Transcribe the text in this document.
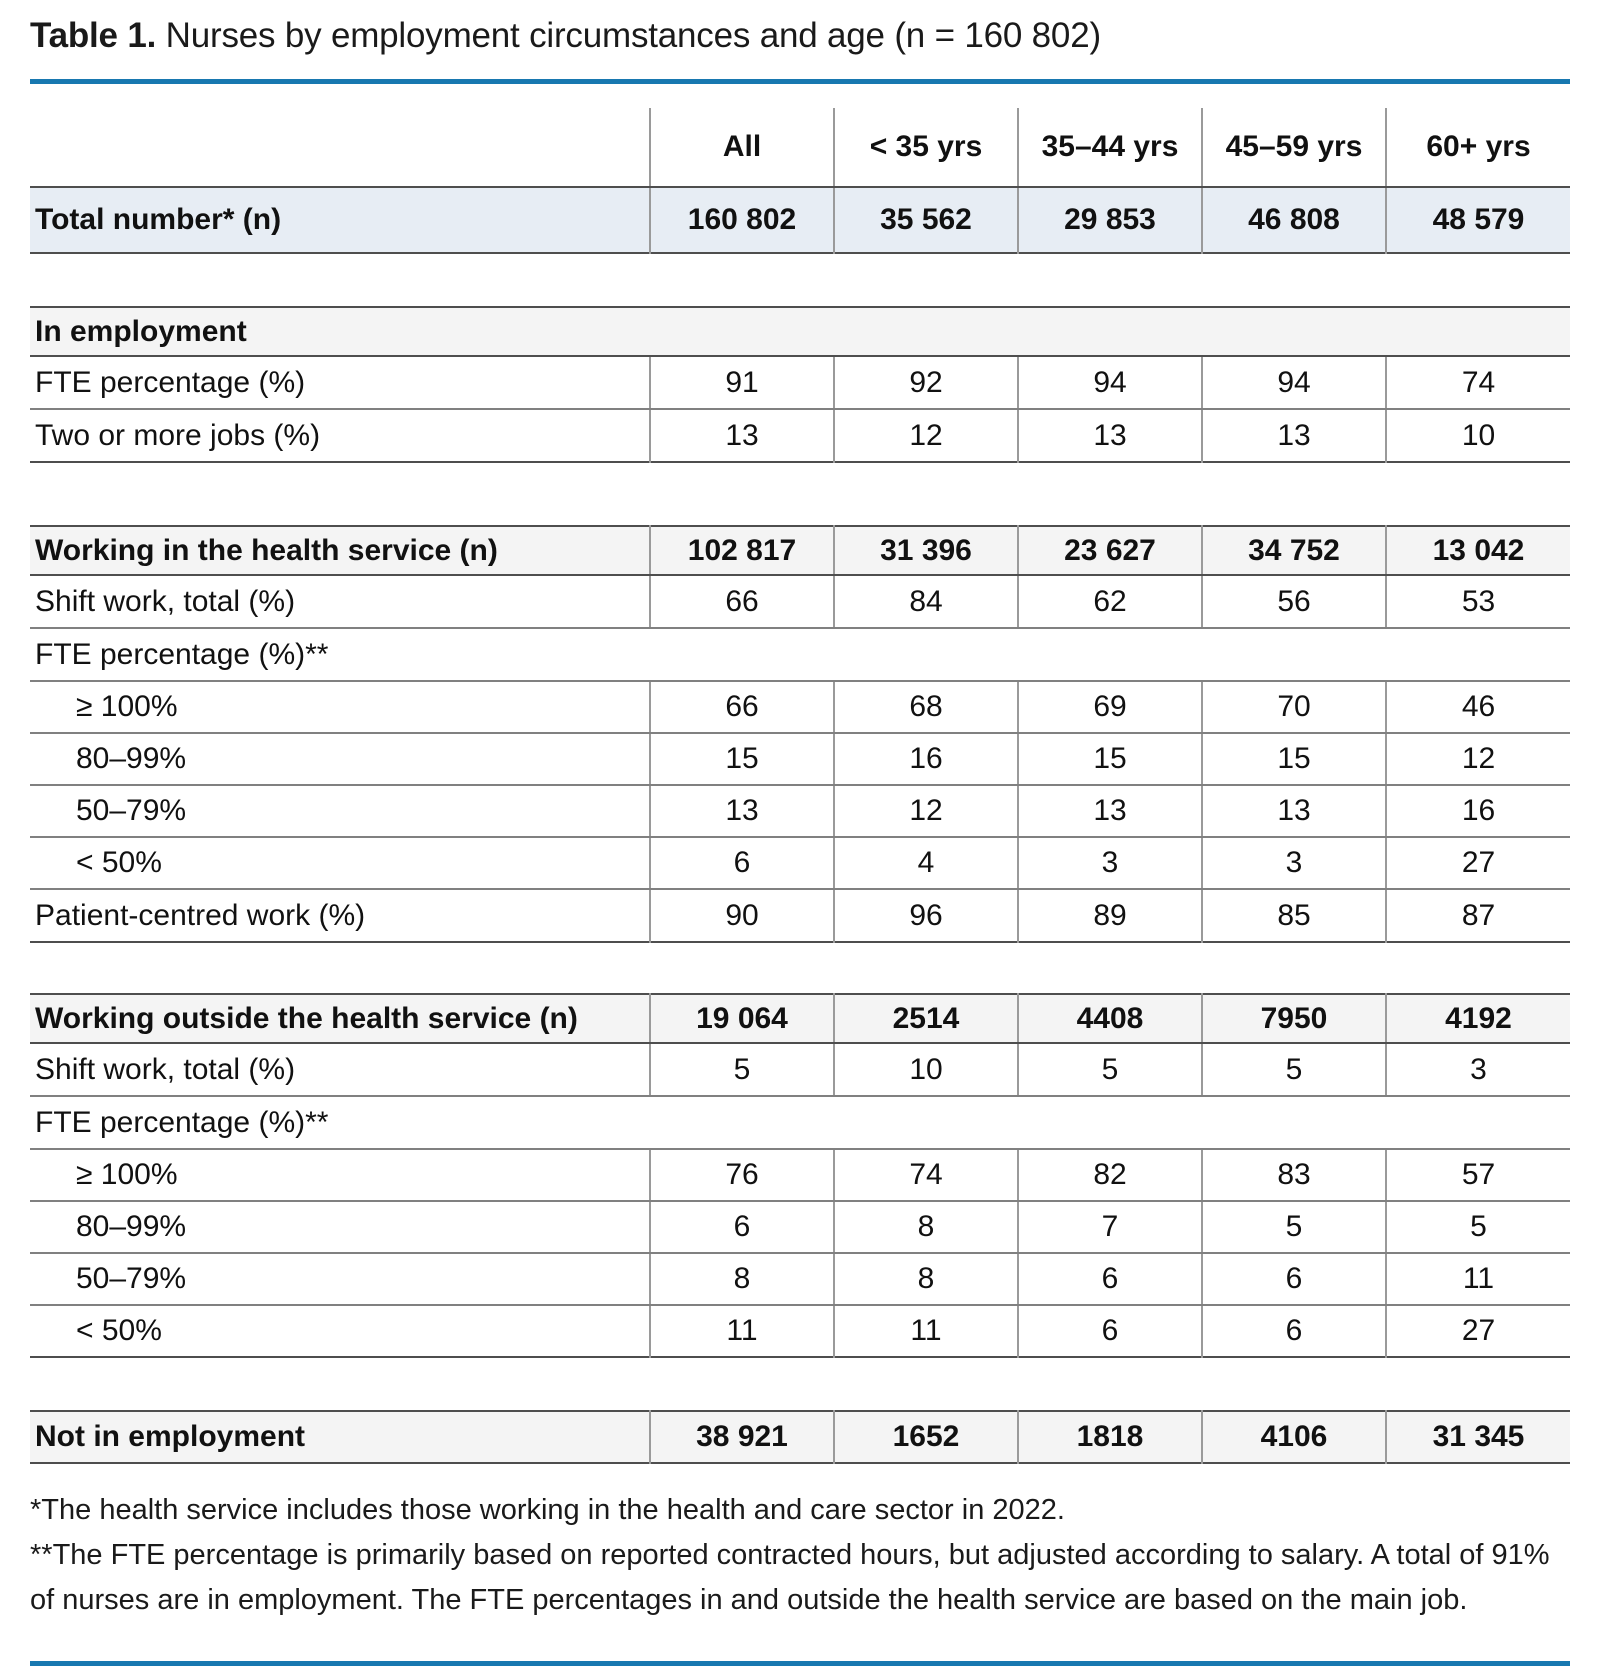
Table 1. Nurses by employment circumstances and age (n = 160 802)
	All	< 35 yrs	35–44 yrs	45–59 yrs	60+ yrs
Total number* (n)	160 802	35 562	29 853	46 808	48 579
In employment					
FTE percentage (%)	91	92	94	94	74
Two or more jobs (%)	13	12	13	13	10
Working in the health service (n)	102 817	31 396	23 627	34 752	13 042
Shift work, total (%)	66	84	62	56	53
FTE percentage (%)**					
≥ 100%	66	68	69	70	46
80–99%	15	16	15	15	12
50–79%	13	12	13	13	16
< 50%	6	4	3	3	27
Patient-centred work (%)	90	96	89	85	87
Working outside the health service (n)	19 064	2514	4408	7950	4192
Shift work, total (%)	5	10	5	5	3
FTE percentage (%)**					
≥ 100%	76	74	82	83	57
80–99%	6	8	7	5	5
50–79%	8	8	6	6	11
< 50%	11	11	6	6	27
Not in employment	38 921	1652	1818	4106	31 345
*The health service includes those working in the health and care sector in 2022.
**The FTE percentage is primarily based on reported contracted hours, but adjusted according to salary. A total of 91% of nurses are in employment. The FTE percentages in and outside the health service are based on the main job.
